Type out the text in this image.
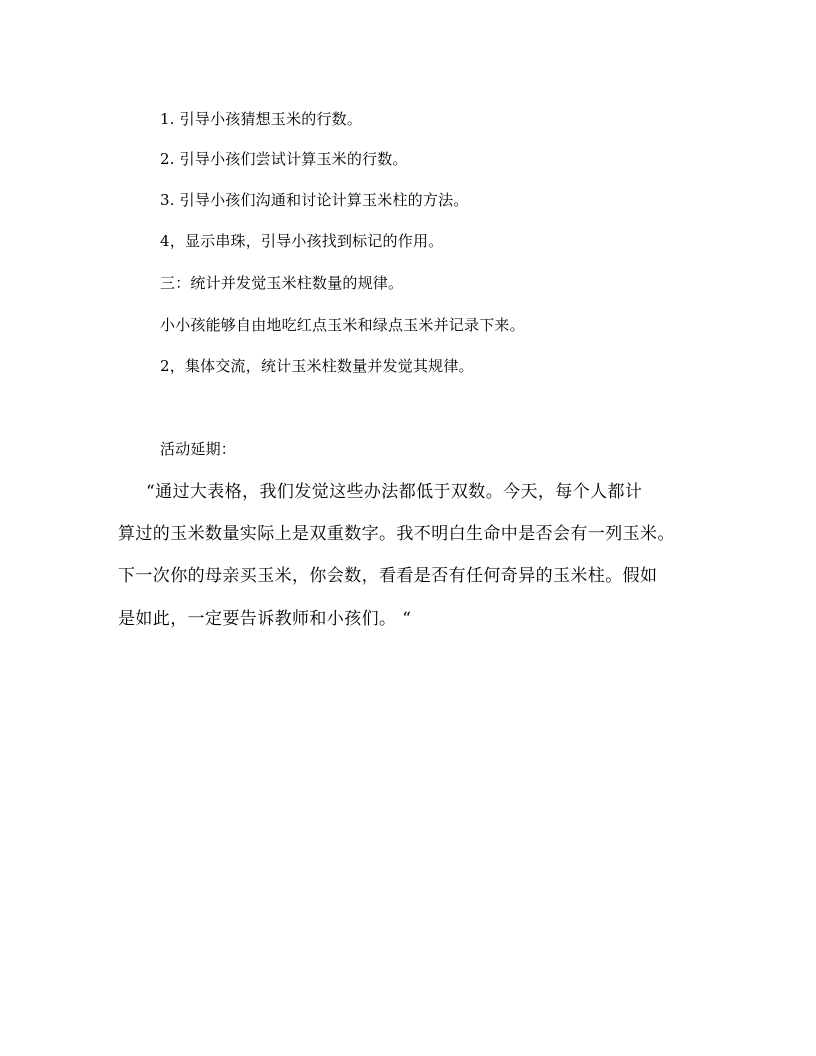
1. 引导小孩猜想玉米的行数。
2. 引导小孩们尝试计算玉米的行数。
3. 引导小孩们沟通和讨论计算玉米柱的方法。
4，显示串珠，引导小孩找到标记的作用。
三：统计并发觉玉米柱数量的规律。
小小孩能够自由地吃红点玉米和绿点玉米并记录下来。
2，集体交流，统计玉米柱数量并发觉其规律。
活动延期：
“通过大表格，我们发觉这些办法都低于双数。今天，每个人都计
算过的玉米数量实际上是双重数字。我不明白生命中是否会有一列玉米。
下一次你的母亲买玉米，你会数，看看是否有任何奇异的玉米柱。假如
是如此，一定要告诉教师和小孩们。 “
